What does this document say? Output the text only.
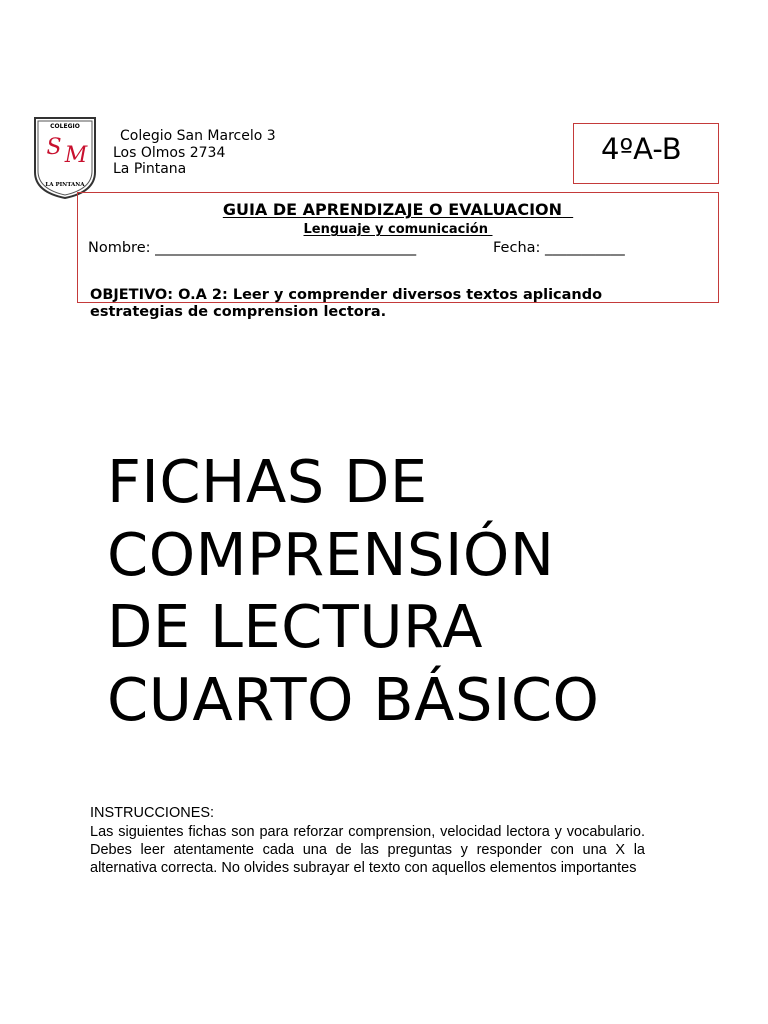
COLEGIO
S M
LA PINTANA
Colegio San Marcelo 3
Los Olmos 2734
La Pintana
4ºA-B
GUIA DE APRENDIZAJE O EVALUACION
Lenguaje y comunicación
Nombre: ____________________________________	Fecha: ___________
OBJETIVO: O.A 2: Leer y comprender diversos textos aplicando estrategias de comprension lectora.
FICHAS DE
COMPRENSIÓN
DE LECTURA
CUARTO BÁSICO
INSTRUCCIONES:
Las siguientes fichas son para reforzar comprension, velocidad lectora y vocabulario. Debes leer atentamente cada una de las preguntas y responder con una X la alternativa correcta. No olvides subrayar el texto con aquellos elementos importantes
